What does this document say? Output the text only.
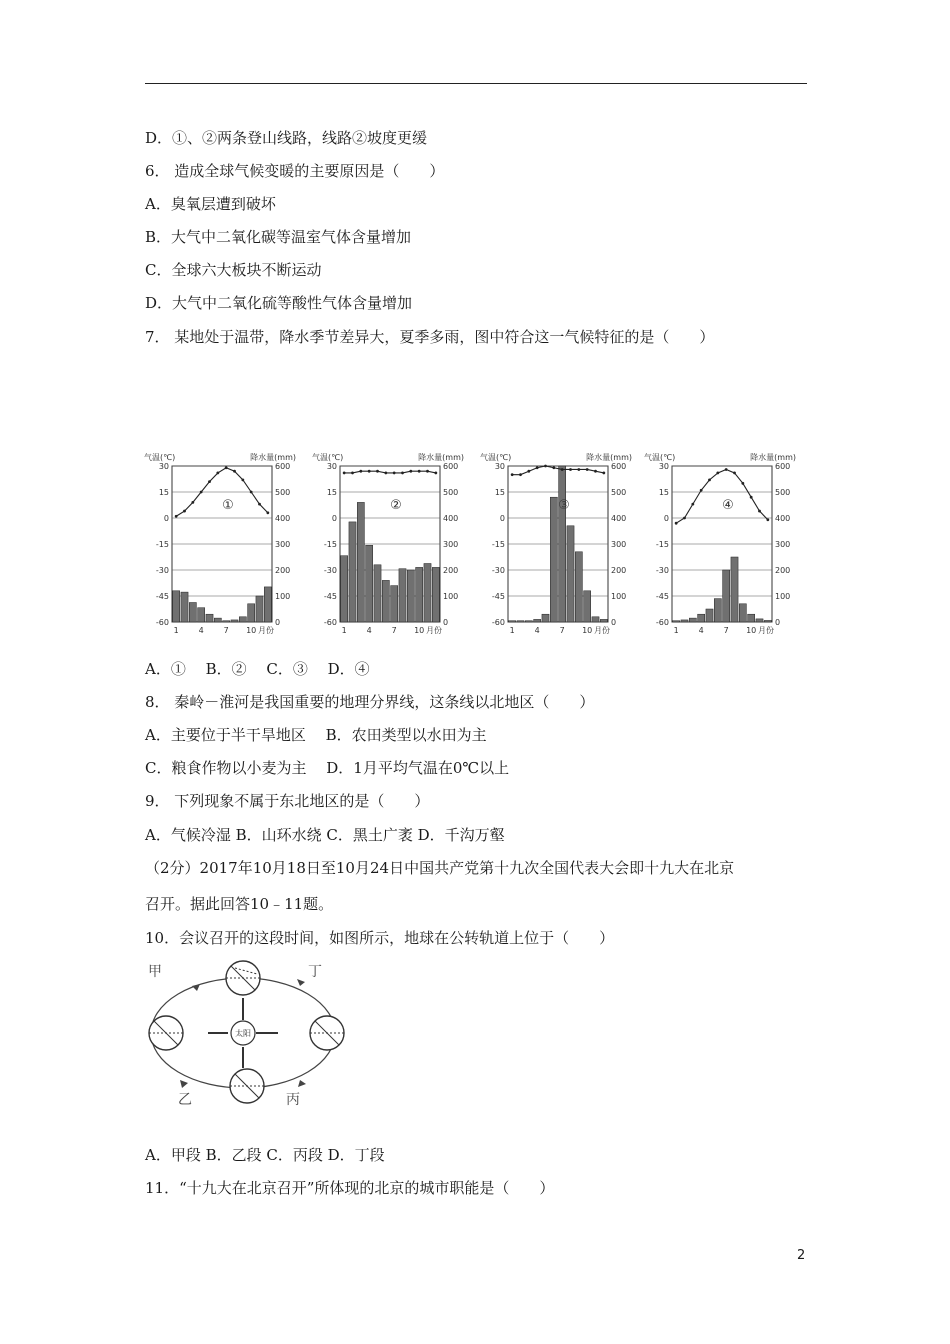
D．①、②两条登山线路，线路②坡度更缓
6． 造成全球气候变暖的主要原因是（　　）
A．臭氧层遭到破坏
B．大气中二氧化碳等温室气体含量增加
C．全球六大板块不断运动
D．大气中二氧化硫等酸性气体含量增加
7． 某地处于温带，降水季节差异大，夏季多雨，图中符合这一气候特征的是（　　）
气温(℃)	降水量(mm)
30
15
0
-15
-30
-45
-60
600
500
400
300
200
100
0
①
1 4 7 10 月份
气温(℃)	降水量(mm)
30
15
0
-15
-30
-45
-60
600
500
400
300
200
100
0
②
1 4 7 10 月份
气温(℃)	降水量(mm)
30
15
0
-15
-30
-45
-60
600
500
400
300
200
100
0
③
1 4 7 10 月份
气温(℃)	降水量(mm)
30
15
0
-15
-30
-45
-60
600
500
400
300
200
100
0
④
1 4 7 10 月份
A．①　 B．②　 C．③　 D．④
8． 秦岭－淮河是我国重要的地理分界线，这条线以北地区（　　）
A．主要位于半干旱地区　 B．农田类型以水田为主
C．粮食作物以小麦为主　 D．1月平均气温在0℃以上
9． 下列现象不属于东北地区的是（　　）
A．气候冷湿 B．山环水绕 C．黑土广袤 D．千沟万壑
（2分）2017年10月18日至10月24日中国共产党第十九次全国代表大会即十九大在北京
召开。据此回答10﹣11题。
10．会议召开的这段时间，如图所示，地球在公转轨道上位于（　　）
太阳
甲
乙	丙
丁
A．甲段 B．乙段 C．丙段 D．丁段
11．“十九大在北京召开”所体现的北京的城市职能是（　　）
2
